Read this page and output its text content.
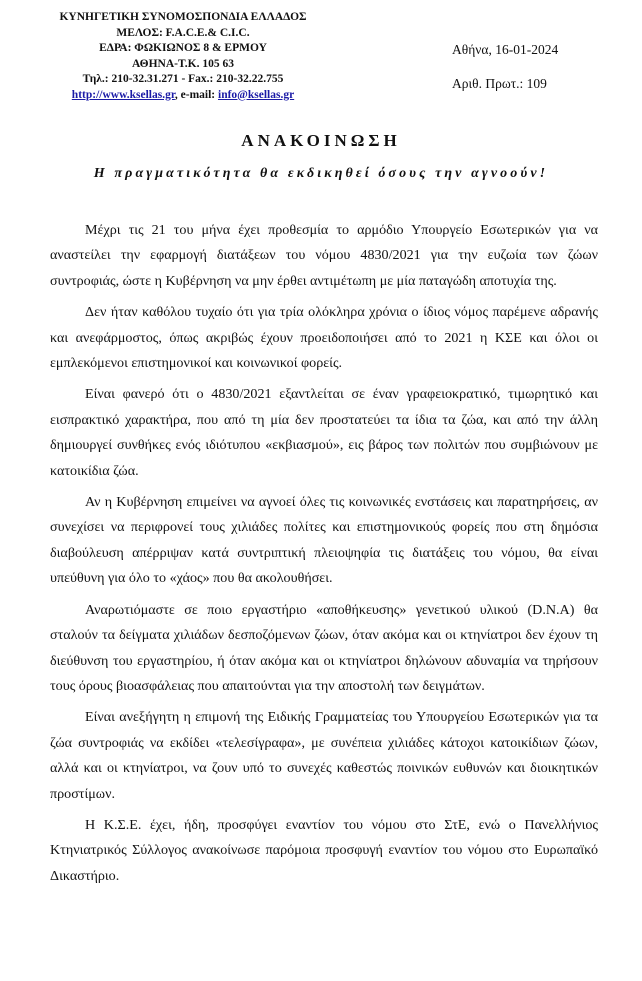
ΚΥΝΗΓΕΤΙΚΗ ΣΥΝΟΜΟΣΠΟΝΔΙΑ ΕΛΛΑΔΟΣ
ΜΕΛΟΣ: F.A.C.E.& C.I.C.
ΕΔΡΑ: ΦΩΚΙΩΝΟΣ 8 & ΕΡΜΟΥ
ΑΘΗΝΑ-Τ.Κ. 105 63
Τηλ.: 210-32.31.271 - Fax.: 210-32.22.755
http://www.ksellas.gr, e-mail: info@ksellas.gr
Αθήνα, 16-01-2024
Αριθ. Πρωτ.: 109
ΑΝΑΚΟΙΝΩΣΗ
Η πραγματικότητα θα εκδικηθεί όσους την αγνοούν!

Μέχρι τις 21 του μήνα έχει προθεσμία το αρμόδιο Υπουργείο Εσωτερικών για να αναστείλει την εφαρμογή διατάξεων του νόμου 4830/2021 για την ευζωία των ζώων συντροφιάς, ώστε η Κυβέρνηση να μην έρθει αντιμέτωπη με μία παταγώδη αποτυχία της.

Δεν ήταν καθόλου τυχαίο ότι για τρία ολόκληρα χρόνια ο ίδιος νόμος παρέμενε αδρανής και ανεφάρμοστος, όπως ακριβώς έχουν προειδοποιήσει από το 2021 η ΚΣΕ και όλοι οι εμπλεκόμενοι επιστημονικοί και κοινωνικοί φορείς.

Είναι φανερό ότι ο 4830/2021 εξαντλείται σε έναν γραφειοκρατικό, τιμωρητικό και εισπρακτικό χαρακτήρα, που από τη μία δεν προστατεύει τα ίδια τα ζώα, και από την άλλη δημιουργεί συνθήκες ενός ιδιότυπου «εκβιασμού», εις βάρος των πολιτών που συμβιώνουν με κατοικίδια ζώα.

Αν η Κυβέρνηση επιμείνει να αγνοεί όλες τις κοινωνικές ενστάσεις και παρατηρήσεις, αν συνεχίσει να περιφρονεί τους χιλιάδες πολίτες και επιστημονικούς φορείς που στη δημόσια διαβούλευση απέρριψαν κατά συντριπτική πλειοψηφία τις διατάξεις του νόμου, θα είναι υπεύθυνη για όλο το «χάος» που θα ακολουθήσει.

Αναρωτιόμαστε σε ποιο εργαστήριο «αποθήκευσης» γενετικού υλικού (D.N.A) θα σταλούν τα δείγματα χιλιάδων δεσποζόμενων ζώων, όταν ακόμα και οι κτηνίατροι δεν έχουν τη διεύθυνση του εργαστηρίου, ή όταν ακόμα και οι κτηνίατροι δηλώνουν αδυναμία να τηρήσουν τους όρους βιοασφάλειας που απαιτούνται για την αποστολή των δειγμάτων.

Είναι ανεξήγητη η επιμονή της Ειδικής Γραμματείας του Υπουργείου Εσωτερικών για τα ζώα συντροφιάς να εκδίδει «τελεσίγραφα», με συνέπεια χιλιάδες κάτοχοι κατοικίδιων ζώων, αλλά και οι κτηνίατροι, να ζουν υπό το συνεχές καθεστώς ποινικών ευθυνών και διοικητικών προστίμων.

Η Κ.Σ.Ε. έχει, ήδη, προσφύγει εναντίον του νόμου στο ΣτΕ, ενώ ο Πανελλήνιος Κτηνιατρικός Σύλλογος ανακοίνωσε παρόμοια προσφυγή εναντίον του νόμου στο Ευρωπαϊκό Δικαστήριο.
